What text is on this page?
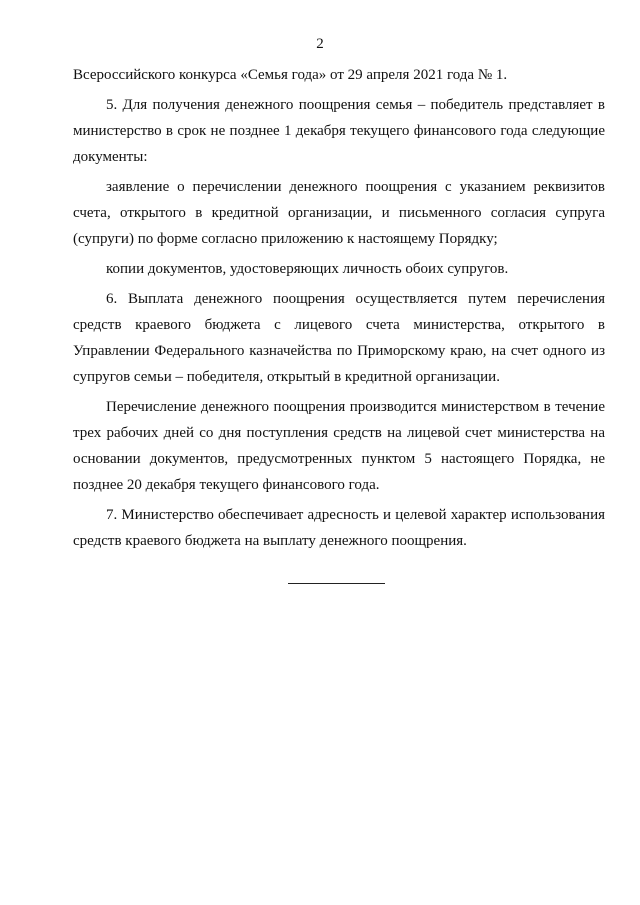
2

Всероссийского конкурса «Семья года» от 29 апреля 2021 года № 1.

5. Для получения денежного поощрения семья – победитель представляет в министерство в срок не позднее 1 декабря текущего финансового года следующие документы:

заявление о перечислении денежного поощрения с указанием реквизитов счета, открытого в кредитной организации, и письменного согласия супруга (супруги) по форме согласно приложению к настоящему Порядку;

копии документов, удостоверяющих личность обоих супругов.

6. Выплата денежного поощрения осуществляется путем перечисления средств краевого бюджета с лицевого счета министерства, открытого в Управлении Федерального казначейства по Приморскому краю, на счет одного из супругов семьи – победителя, открытый в кредитной организации.

Перечисление денежного поощрения производится министерством в течение трех рабочих дней со дня поступления средств на лицевой счет министерства на основании документов, предусмотренных пунктом 5 настоящего Порядка, не позднее 20 декабря текущего финансового года.

7. Министерство обеспечивает адресность и целевой характер использования средств краевого бюджета на выплату денежного поощрения.
